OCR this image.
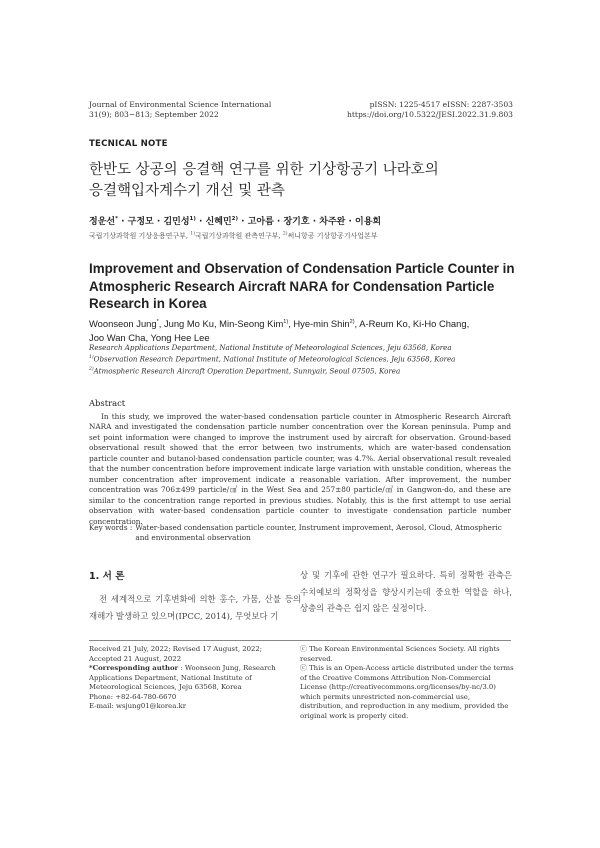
Journal of Environmental Science International
31(9); 803~813; September 2022
pISSN: 1225-4517 eISSN: 2287-3503
https://doi.org/10.5322/JESI.2022.31.9.803
TECNICAL NOTE
한반도 상공의 응결핵 연구를 위한 기상항공기 나라호의
응결핵입자계수기 개선 및 관측
정운선* · 구정모 · 김민성$^{1)}$ · 신혜민$^{2)}$ · 고아름 · 장기호 · 차주완 · 이용희
국립기상과학원 기상응용연구부, $^{1)}$국립기상과학원 관측연구부, $^{2)}$써니항공 기상항공기사업본부
Improvement and Observation of Condensation Particle Counter in
Atmospheric Research Aircraft NARA for Condensation Particle
Research in Korea
Woonseon Jung*, Jung Mo Ku, Min-Seong Kim$^{1)}$, Hye-min Shin$^{2)}$, A-Reum Ko, Ki-Ho Chang,
Joo Wan Cha, Yong Hee Lee
Research Applications Department, National Institute of Meteorological Sciences, Jeju 63568, Korea
$^{1)}$Observation Research Department, National Institute of Meteorological Sciences, Jeju 63568, Korea
$^{2)}$Atmospheric Research Aircraft Operation Department, Sunnyair, Seoul 07505, Korea
Abstract
In this study, we improved the water-based condensation particle counter in Atmospheric Research Aircraft NARA and investigated the condensation particle number concentration over the Korean peninsula. Pump and set point information were changed to improve the instrument used by aircraft for observation. Ground-based observational result showed that the error between two instruments, which are water-based condensation particle counter and butanol-based condensation particle counter, was 4.7%. Aerial observational result revealed that the number concentration before improvement indicate large variation with unstable condition, whereas the number concentration after improvement indicate a reasonable variation. After improvement, the number concentration was 706±499 particle/㎤ in the West Sea and 257±80 particle/㎤ in Gangwon-do, and these are similar to the concentration range reported in previous studies. Notably, this is the first attempt to use aerial observation with water-based condensation particle counter to investigate condensation particle number concentration.
Key words : Water-based condensation particle counter, Instrument improvement, Aerosol, Cloud, Atmospheric and environmental observation
1. 서 론
전 세계적으로 기후변화에 의한 홍수, 가뭄, 산불 등의 재해가 발생하고 있으며(IPCC, 2014), 무엇보다 기
상 및 기후에 관한 연구가 필요하다. 특히 정확한 관측은 수치예보의 정확성을 향상시키는데 중요한 역할을 하나, 상층의 관측은 쉽지 않은 실정이다.
Received 21 July, 2022; Revised 17 August, 2022;
Accepted 21 August, 2022
*Corresponding author : Woonseon Jung, Research Applications Department, National Institute of Meteorological Sciences, Jeju 63568, Korea
Phone: +82-64-780-6670
E-mail: wsjung01@korea.kr
ⓒ The Korean Environmental Sciences Society. All rights reserved.
ⓒ This is an Open-Access article distributed under the terms of the Creative Commons Attribution Non-Commercial License (http://creativecommons.org/licenses/by-nc/3.0) which permits unrestricted non-commercial use, distribution, and reproduction in any medium, provided the original work is properly cited.
